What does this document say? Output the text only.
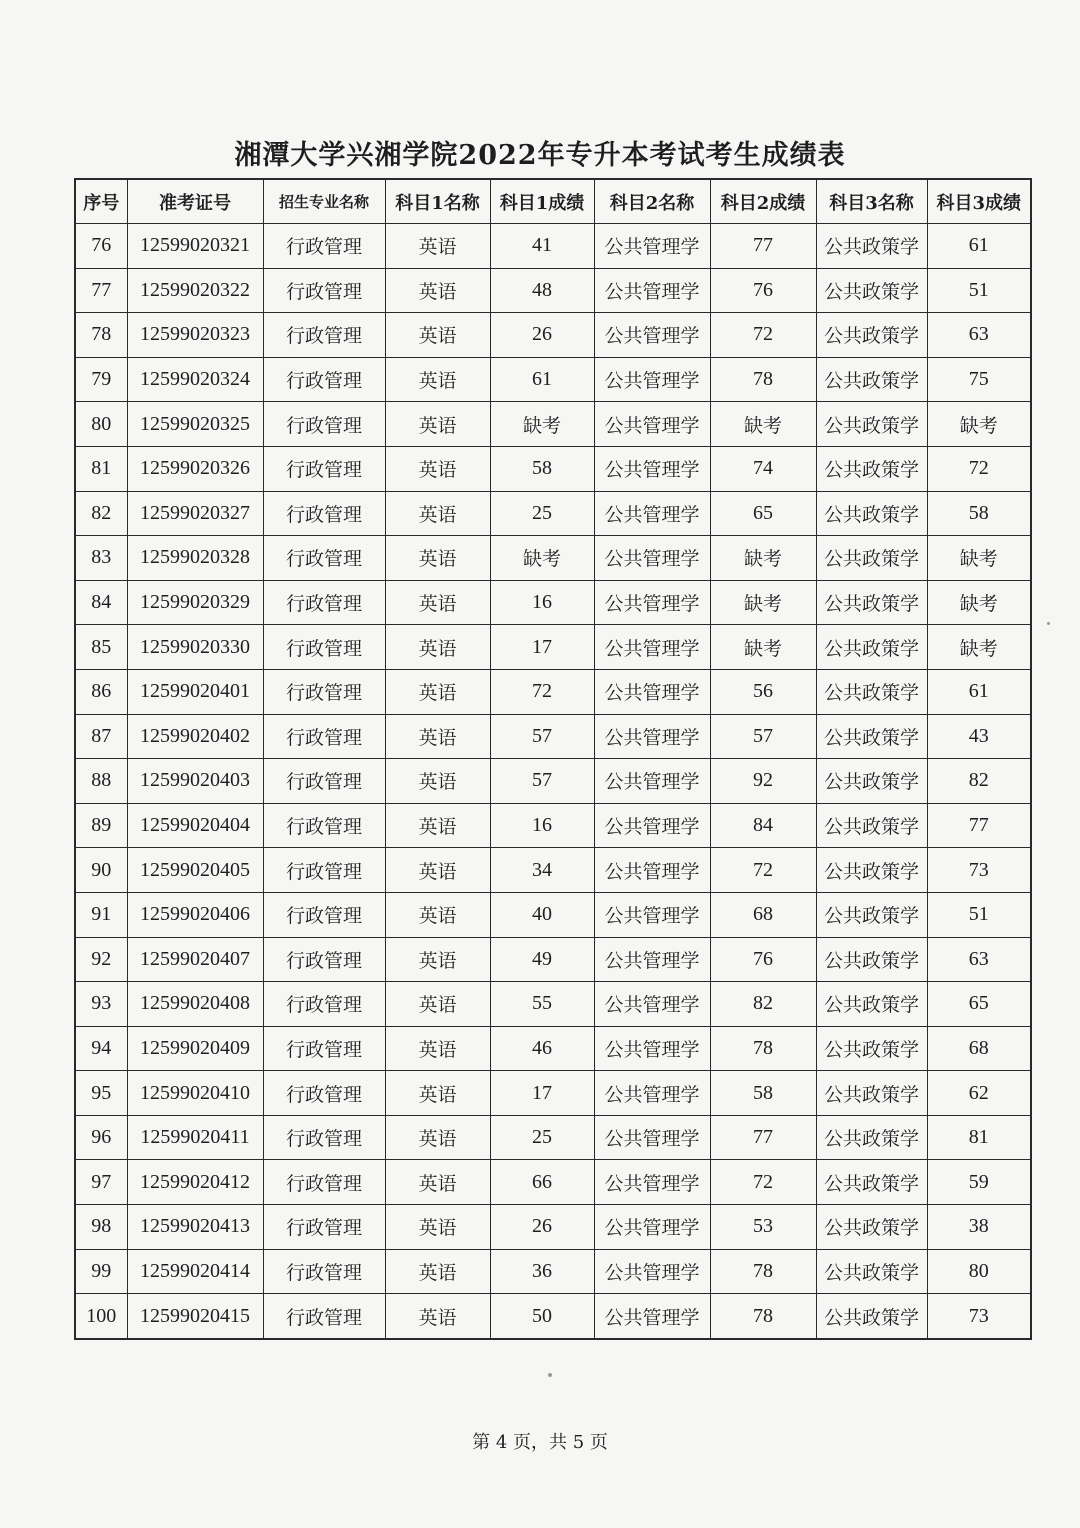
湘潭大学兴湘学院2022年专升本考试考生成绩表
序号	准考证号	招生专业名称	科目1名称	科目1成绩	科目2名称	科目2成绩	科目3名称	科目3成绩
76	12599020321	行政管理	英语	41	公共管理学	77	公共政策学	61
77	12599020322	行政管理	英语	48	公共管理学	76	公共政策学	51
78	12599020323	行政管理	英语	26	公共管理学	72	公共政策学	63
79	12599020324	行政管理	英语	61	公共管理学	78	公共政策学	75
80	12599020325	行政管理	英语	缺考	公共管理学	缺考	公共政策学	缺考
81	12599020326	行政管理	英语	58	公共管理学	74	公共政策学	72
82	12599020327	行政管理	英语	25	公共管理学	65	公共政策学	58
83	12599020328	行政管理	英语	缺考	公共管理学	缺考	公共政策学	缺考
84	12599020329	行政管理	英语	16	公共管理学	缺考	公共政策学	缺考
85	12599020330	行政管理	英语	17	公共管理学	缺考	公共政策学	缺考
86	12599020401	行政管理	英语	72	公共管理学	56	公共政策学	61
87	12599020402	行政管理	英语	57	公共管理学	57	公共政策学	43
88	12599020403	行政管理	英语	57	公共管理学	92	公共政策学	82
89	12599020404	行政管理	英语	16	公共管理学	84	公共政策学	77
90	12599020405	行政管理	英语	34	公共管理学	72	公共政策学	73
91	12599020406	行政管理	英语	40	公共管理学	68	公共政策学	51
92	12599020407	行政管理	英语	49	公共管理学	76	公共政策学	63
93	12599020408	行政管理	英语	55	公共管理学	82	公共政策学	65
94	12599020409	行政管理	英语	46	公共管理学	78	公共政策学	68
95	12599020410	行政管理	英语	17	公共管理学	58	公共政策学	62
96	12599020411	行政管理	英语	25	公共管理学	77	公共政策学	81
97	12599020412	行政管理	英语	66	公共管理学	72	公共政策学	59
98	12599020413	行政管理	英语	26	公共管理学	53	公共政策学	38
99	12599020414	行政管理	英语	36	公共管理学	78	公共政策学	80
100	12599020415	行政管理	英语	50	公共管理学	78	公共政策学	73
第 4 页，共 5 页
